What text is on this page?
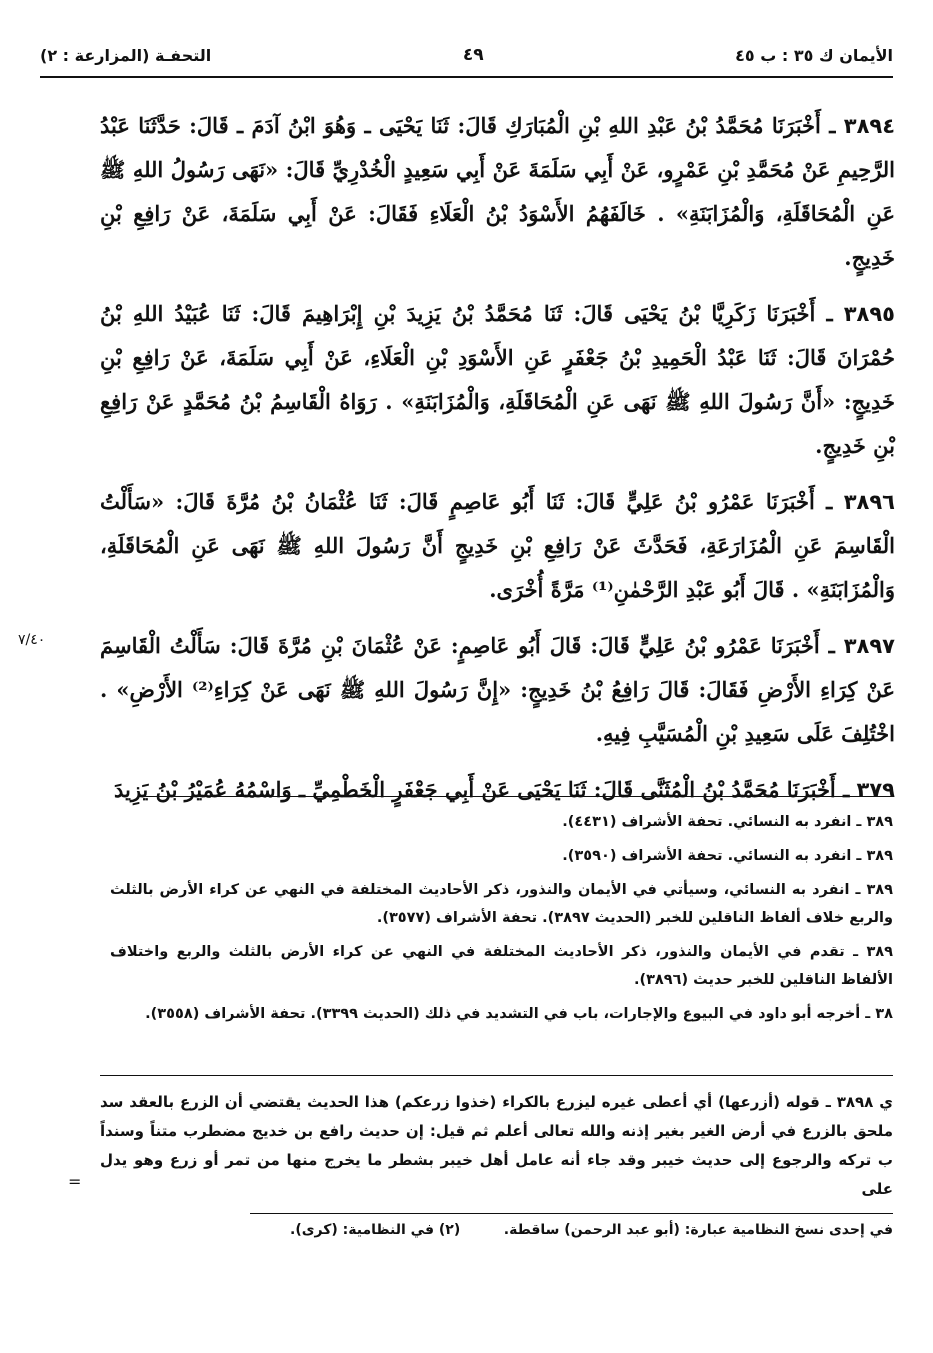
الأيمان ك ٣٥ : ب ٤٥
٤٩
التحفـة (المزارعة : ٢)

٣٨٩٤ ـ أَخْبَرَنَا مُحَمَّدُ بْنُ عَبْدِ اللهِ بْنِ الْمُبَارَكِ قَالَ: ثَنَا يَحْيَى ـ وَهُوَ ابْنُ آدَمَ ـ قَالَ: حَدَّثَنَا عَبْدُ الرَّحِيمِ عَنْ مُحَمَّدِ بْنِ عَمْرٍو، عَنْ أَبِي سَلَمَةَ عَنْ أَبِي سَعِيدٍ الْخُدْرِيِّ قَالَ: «نَهَى رَسُولُ اللهِ ﷺ عَنِ الْمُحَاقَلَةِ، وَالْمُزَابَنَةِ» . خَالَفَهُمُ الأَسْوَدُ بْنُ الْعَلَاءِ فَقَالَ: عَنْ أَبِي سَلَمَةَ، عَنْ رَافِعِ بْنِ خَدِيجٍ.

٣٨٩٥ ـ أَخْبَرَنَا زَكَرِيَّا بْنُ يَحْيَى قَالَ: ثَنَا مُحَمَّدُ بْنُ يَزِيدَ بْنِ إِبْرَاهِيمَ قَالَ: ثَنَا عُبَيْدُ اللهِ بْنُ حُمْرَانَ قَالَ: ثَنَا عَبْدُ الْحَمِيدِ بْنُ جَعْفَرٍ عَنِ الأَسْوَدِ بْنِ الْعَلَاءِ، عَنْ أَبِي سَلَمَةَ، عَنْ رَافِعِ بْنِ خَدِيجٍ: «أَنَّ رَسُولَ اللهِ ﷺ نَهَى عَنِ الْمُحَاقَلَةِ، وَالْمُزَابَنَةِ» . رَوَاهُ الْقَاسِمُ بْنُ مُحَمَّدٍ عَنْ رَافِعِ بْنِ خَدِيجٍ.

٣٨٩٦ ـ أَخْبَرَنَا عَمْرُو بْنُ عَلِيٍّ قَالَ: ثَنَا أَبُو عَاصِمٍ قَالَ: ثَنَا عُثْمَانُ بْنُ مُرَّةَ قَالَ: «سَأَلْتُ الْقَاسِمَ عَنِ الْمُزَارَعَةِ، فَحَدَّثَ عَنْ رَافِعِ بْنِ خَدِيجٍ أَنَّ رَسُولَ اللهِ ﷺ نَهَى عَنِ الْمُحَاقَلَةِ، وَالْمُزَابَنَةِ» . قَالَ أَبُو عَبْدِ الرَّحْمٰنِ⁽¹⁾ مَرَّةً أُخْرَى.

٣٨٩٧ ـ أَخْبَرَنَا عَمْرُو بْنُ عَلِيٍّ قَالَ: قَالَ أَبُو عَاصِمٍ: عَنْ عُثْمَانَ بْنِ مُرَّةَ قَالَ: سَأَلْتُ الْقَاسِمَ عَنْ كِرَاءِ الأَرْضِ فَقَالَ: قَالَ رَافِعُ بْنُ خَدِيجٍ: «إِنَّ رَسُولَ اللهِ ﷺ نَهَى عَنْ كِرَاءِ⁽²⁾ الأَرْضِ» . اخْتُلِفَ عَلَى سَعِيدِ بْنِ الْمُسَيَّبِ فِيهِ.

٣٧٩ ـ أَخْبَرَنَا مُحَمَّدُ بْنُ الْمُثَنَّى قَالَ: ثَنَا يَحْيَى عَنْ أَبِي جَعْفَرٍ الْخَطْمِيِّ ـ وَاسْمُهُ عُمَيْرُ بْنُ يَزِيدَ

٧/٤٠

٣٨٩ ـ انفرد به النسائي. تحفة الأشراف (٤٤٣١).

٣٨٩ ـ انفرد به النسائي. تحفة الأشراف (٣٥٩٠).

٣٨٩ ـ انفرد به النسائي، وسيأتي في الأيمان والنذور، ذكر الأحاديث المختلفة في النهي عن كراء الأرض بالثلث والربع خلاف ألفاظ الناقلين للخبر (الحديث ٣٨٩٧). تحفة الأشراف (٣٥٧٧).

٣٨٩ ـ تقدم في الأيمان والنذور، ذكر الأحاديث المختلفة في النهي عن كراء الأرض بالثلث والربع واختلاف الألفاظ الناقلين للخبر حديث (٣٨٩٦).

٣٨ ـ أخرجه أبو داود في البيوع والإجارات، باب في التشديد في ذلك (الحديث ٣٣٩٩). تحفة الأشراف (٣٥٥٨).

ي ٣٨٩٨ ـ قوله (أزرعها) أي أعطى غيره ليزرع بالكراء (خذوا زرعكم) هذا الحديث يقتضي أن الزرع بالعقد سد ملحق بالزرع في أرض الغير بغير إذنه والله تعالى أعلم ثم قيل: إن حديث رافع بن خديج مضطرب متناً وسنداً ب تركه والرجوع إلى حديث خيبر وقد جاء أنه عامل أهل خيبر بشطر ما يخرج منها من تمر أو زرع وهو يدل على
=
في إحدى نسخ النظامية عبارة: (أبو عبد الرحمن) ساقطة.
(٢) في النظامية: (كرى).
